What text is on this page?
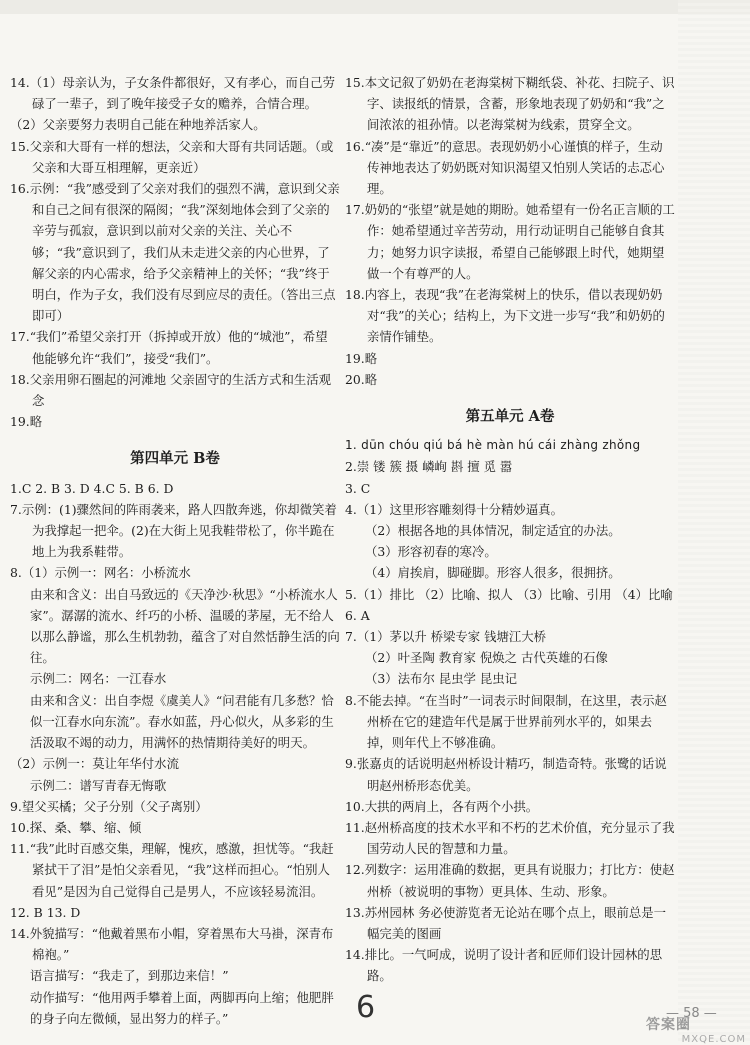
14.（1）母亲认为，子女条件都很好，又有孝心，而自己劳碌了一辈子，到了晚年接受子女的赡养，合情合理。

（2）父亲要努力表明自己能在种地养活家人。

15.父亲和大哥有一样的想法，父亲和大哥有共同话题。（或父亲和大哥互相理解，更亲近）

16.示例：“我”感受到了父亲对我们的强烈不满，意识到父亲和自己之间有很深的隔阂；“我”深刻地体会到了父亲的辛劳与孤寂，意识到以前对父亲的关注、关心不够；“我”意识到了，我们从未走进父亲的内心世界，了解父亲的内心需求，给予父亲精神上的关怀；“我”终于明白，作为子女，我们没有尽到应尽的责任。（答出三点即可）

17.“我们”希望父亲打开（拆掉或开放）他的“城池”，希望他能够允许“我们”，接受“我们”。

18.父亲用卵石圈起的河滩地 父亲固守的生活方式和生活观念

19.略

第四单元 B卷

1.C 2. B 3. D 4.C 5. B 6. D

7.示例：(1)骤然间的阵雨袭来，路人四散奔逃，你却微笑着为我撑起一把伞。(2)在大街上见我鞋带松了，你半跪在地上为我系鞋带。

8.（1）示例一：网名：小桥流水

由来和含义：出自马致远的《天净沙·秋思》“小桥流水人家”。潺潺的流水、纤巧的小桥、温暖的茅屋，无不给人以那么静谧，那么生机勃勃，蕴含了对自然恬静生活的向往。

示例二：网名：一江春水

由来和含义：出自李煜《虞美人》“问君能有几多愁？恰似一江春水向东流”。春水如蓝，丹心似火，从多彩的生活汲取不竭的动力，用满怀的热情期待美好的明天。

（2）示例一：莫让年华付水流

示例二：谱写青春无悔歌

9.望父买橘；父子分别（父子离别）

10.探、桑、攀、缩、倾

11.“我”此时百感交集，理解，愧疚，感激，担忧等。“我赶紧拭干了泪”是怕父亲看见，“我”这样而担心。“怕别人看见”是因为自己觉得自己是男人，不应该轻易流泪。

12. B 13. D

14.外貌描写：“他戴着黑布小帽，穿着黑布大马褂，深青布棉袍。”

语言描写：“我走了，到那边来信！”

动作描写：“他用两手攀着上面，两脚再向上缩；他肥胖的身子向左微倾，显出努力的样子。”

15.本文记叙了奶奶在老海棠树下糊纸袋、补花、扫院子、识字、读报纸的情景，含蓄，形象地表现了奶奶和“我”之间浓浓的祖孙情。以老海棠树为线索，贯穿全文。

16.“凑”是“靠近”的意思。表现奶奶小心谨慎的样子，生动传神地表达了奶奶既对知识渴望又怕别人笑话的忐忑心理。

17.奶奶的“张望”就是她的期盼。她希望有一份名正言顺的工作：她希望通过辛苦劳动，用行动证明自己能够自食其力；她努力识字读报，希望自己能够跟上时代，她期望做一个有尊严的人。

18.内容上，表现“我”在老海棠树上的快乐，借以表现奶奶对“我”的关心；结构上，为下文进一步写“我”和奶奶的亲情作铺垫。

19.略

20.略

第五单元 A卷

1. dūn chóu qiú bá hè màn hú cái zhàng zhǒng

2.崇 镂 簇 摄 嶙峋 斟 擅 觅 嚣

3. C

4.（1）这里形容雕刻得十分精妙逼真。

（2）根据各地的具体情况，制定适宜的办法。

（3）形容初春的寒冷。

（4）肩挨肩，脚碰脚。形容人很多，很拥挤。

5.（1）排比 （2）比喻、拟人 （3）比喻、引用 （4）比喻

6. A

7.（1）茅以升 桥梁专家 钱塘江大桥

（2）叶圣陶 教育家 倪焕之 古代英雄的石像

（3）法布尔 昆虫学 昆虫记

8.不能去掉。“在当时”一词表示时间限制，在这里，表示赵州桥在它的建造年代是属于世界前列水平的，如果去掉，则年代上不够准确。

9.张嘉贞的话说明赵州桥设计精巧，制造奇特。张鹭的话说明赵州桥形态优美。

10.大拱的两肩上，各有两个小拱。

11.赵州桥高度的技术水平和不朽的艺术价值，充分显示了我国劳动人民的智慧和力量。

12.列数字：运用准确的数据，更具有说服力；打比方：使赵州桥（被说明的事物）更具体、生动、形象。

13.苏州园林 务必使游览者无论站在哪个点上，眼前总是一幅完美的图画

14.排比。一气呵成，说明了设计者和匠师们设计园林的思路。

6	— 58 —
答案圈
MXQE.COM
